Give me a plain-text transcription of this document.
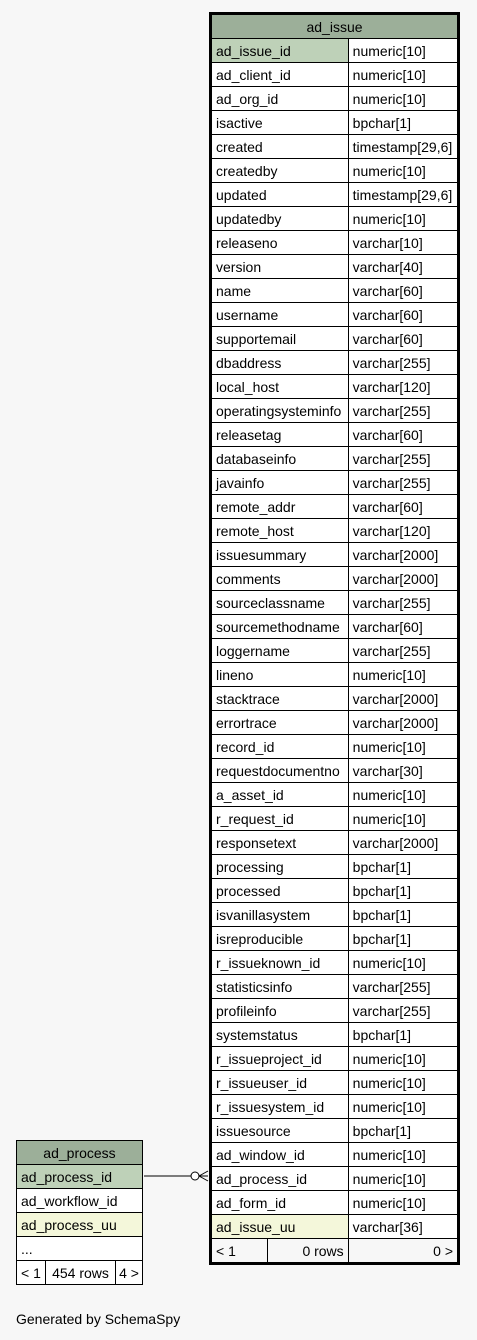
ad_issue		
ad_issue_id		numeric[10]
ad_client_id		numeric[10]
ad_org_id		numeric[10]
isactive		bpchar[1]
created		timestamp[29,6]
createdby		numeric[10]
updated		timestamp[29,6]
updatedby		numeric[10]
releaseno		varchar[10]
version		varchar[40]
name		varchar[60]
username		varchar[60]
supportemail		varchar[60]
dbaddress		varchar[255]
local_host		varchar[120]
operatingsysteminfo		varchar[255]
releasetag		varchar[60]
databaseinfo		varchar[255]
javainfo		varchar[255]
remote_addr		varchar[60]
remote_host		varchar[120]
issuesummary		varchar[2000]
comments		varchar[2000]
sourceclassname		varchar[255]
sourcemethodname		varchar[60]
loggername		varchar[255]
lineno		numeric[10]
stacktrace		varchar[2000]
errortrace		varchar[2000]
record_id		numeric[10]
requestdocumentno		varchar[30]
a_asset_id		numeric[10]
r_request_id		numeric[10]
responsetext		varchar[2000]
processing		bpchar[1]
processed		bpchar[1]
isvanillasystem		bpchar[1]
isreproducible		bpchar[1]
r_issueknown_id		numeric[10]
statisticsinfo		varchar[255]
profileinfo		varchar[255]
systemstatus		bpchar[1]
r_issueproject_id		numeric[10]
r_issueuser_id		numeric[10]
r_issuesystem_id		numeric[10]
issuesource		bpchar[1]
ad_window_id		numeric[10]
ad_process_id		numeric[10]
ad_form_id		numeric[10]
ad_issue_uu		varchar[36]
< 1	0 rows	0 >
ad_process
ad_process_id
ad_workflow_id
ad_process_uu
...
< 1	454 rows	4 >
Generated by SchemaSpy
